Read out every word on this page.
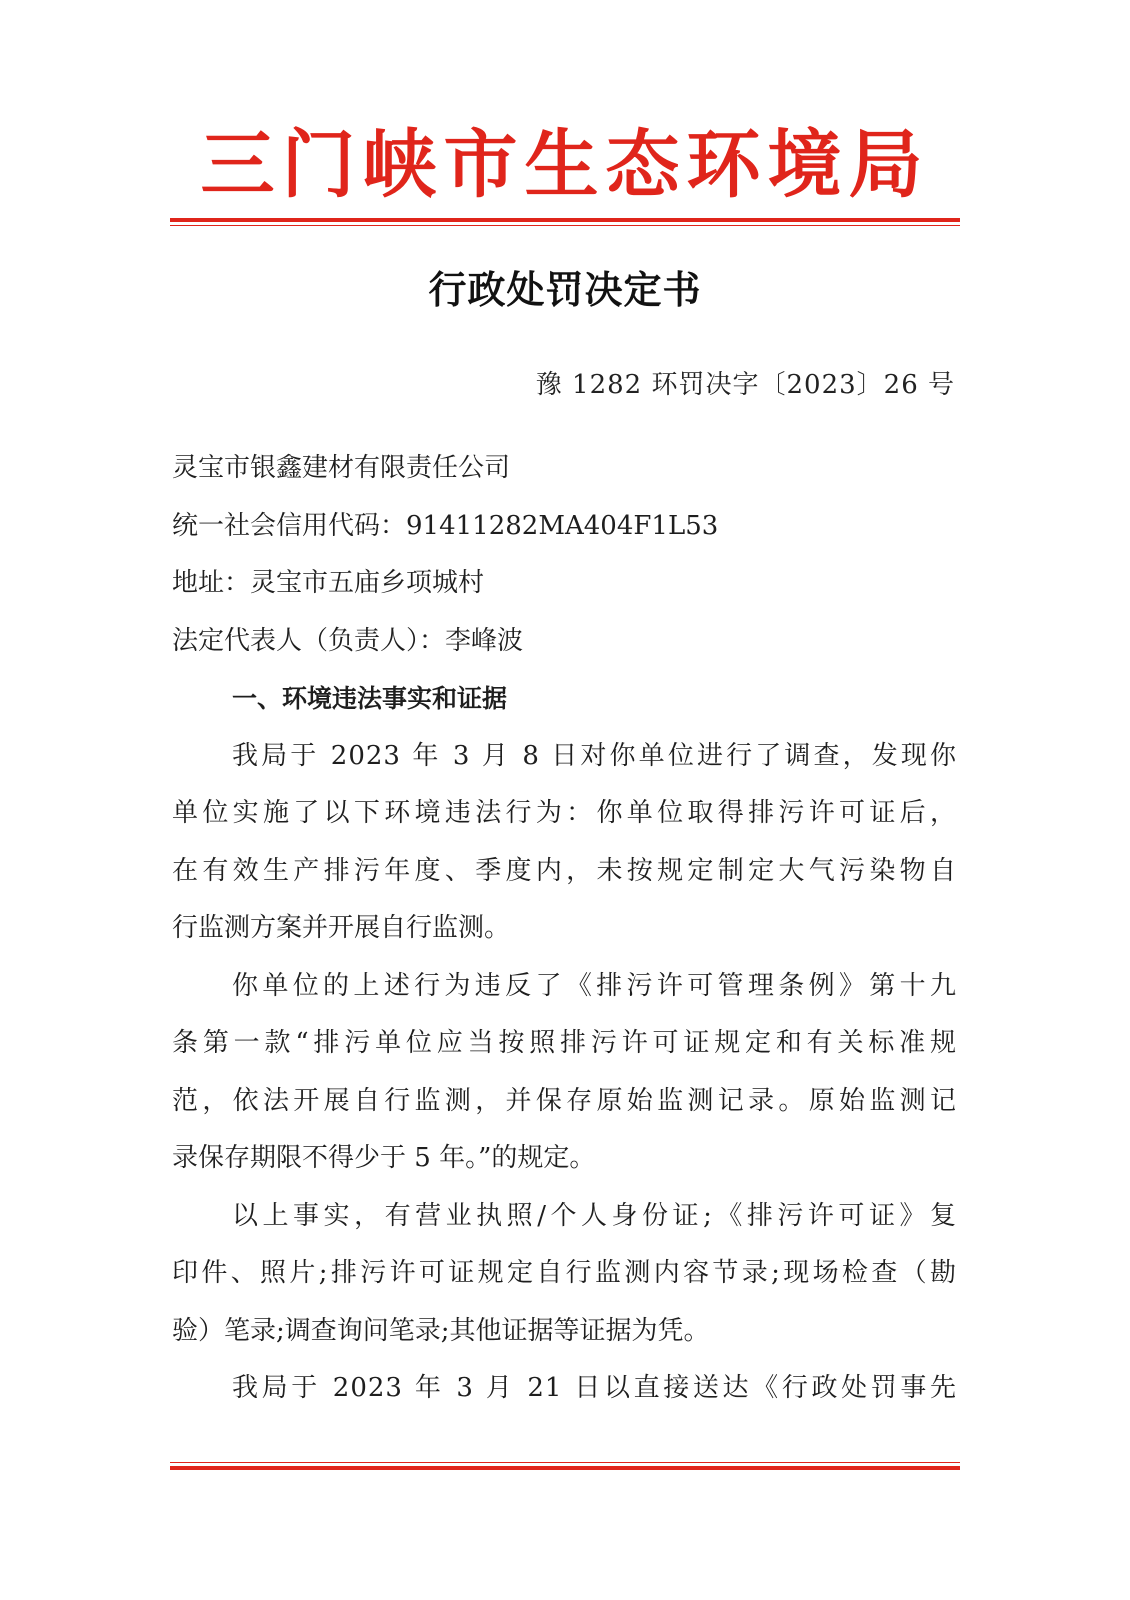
三门峡市生态环境局
行政处罚决定书
豫 1282 环罚决字〔2023〕26 号
灵宝市银鑫建材有限责任公司
统一社会信用代码：91411282MA404F1L53
地址：灵宝市五庙乡项城村
法定代表人（负责人）：李峰波
一、环境违法事实和证据
我局于 2023 年 3 月 8 日对你单位进行了调查，发现你
单位实施了以下环境违法行为：你单位取得排污许可证后，
在有效生产排污年度、季度内，未按规定制定大气污染物自
行监测方案并开展自行监测。
你单位的上述行为违反了《排污许可管理条例》第十九
条第一款“排污单位应当按照排污许可证规定和有关标准规
范，依法开展自行监测，并保存原始监测记录。原始监测记
录保存期限不得少于 5 年。”的规定。
以上事实，有营业执照/个人身份证;《排污许可证》复
印件、照片;排污许可证规定自行监测内容节录;现场检查（勘
验）笔录;调查询问笔录;其他证据等证据为凭。
我局于 2023 年 3 月 21 日以直接送达《行政处罚事先
